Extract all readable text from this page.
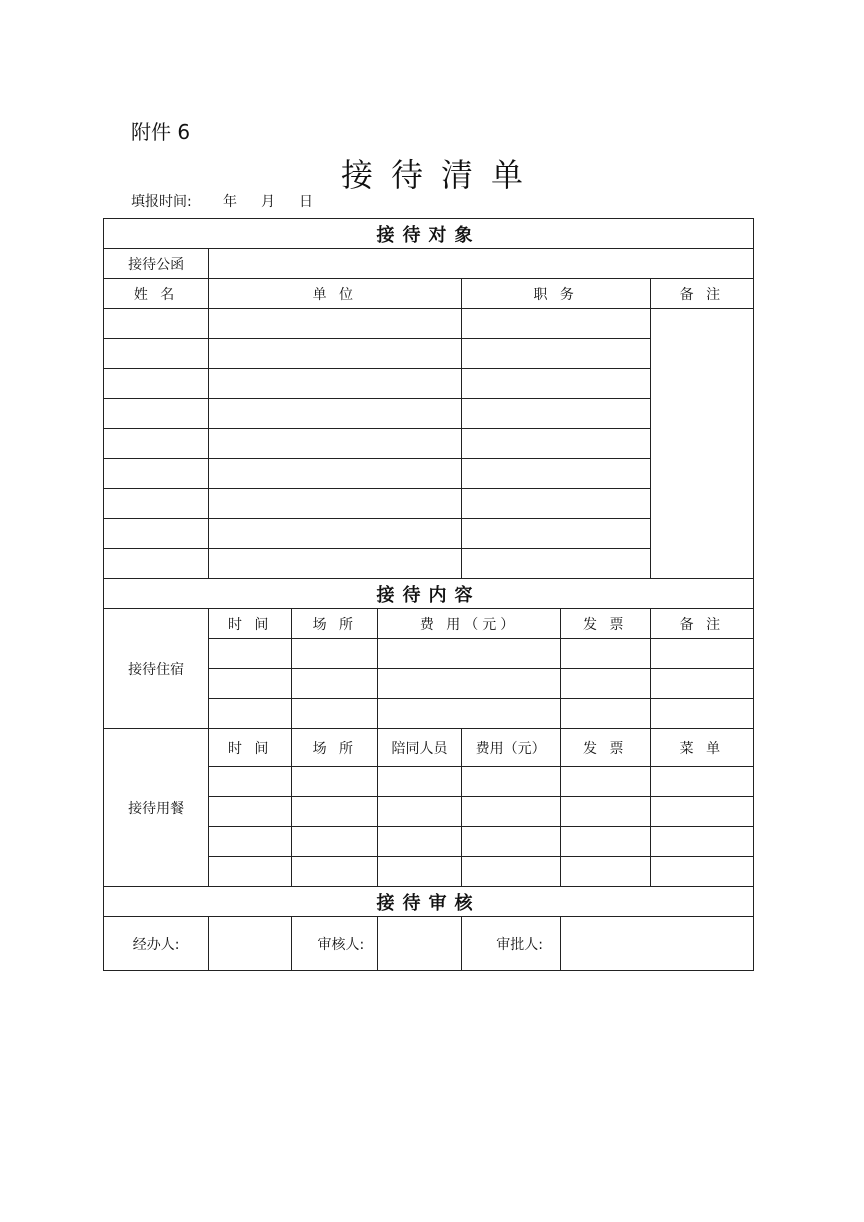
附件 6
接待清单
填报时间: 年 月 日
接待对象						
接待公函						
姓 名	单 位			职 务		备 注

接待内容						
接待住宿	时 间	场 所	费 用（元）		发 票	备 注

接待用餐	时 间	场 所	陪同人员	费用（元）	发 票	菜 单

接待审核						
经办人:		审核人:		审批人:		
